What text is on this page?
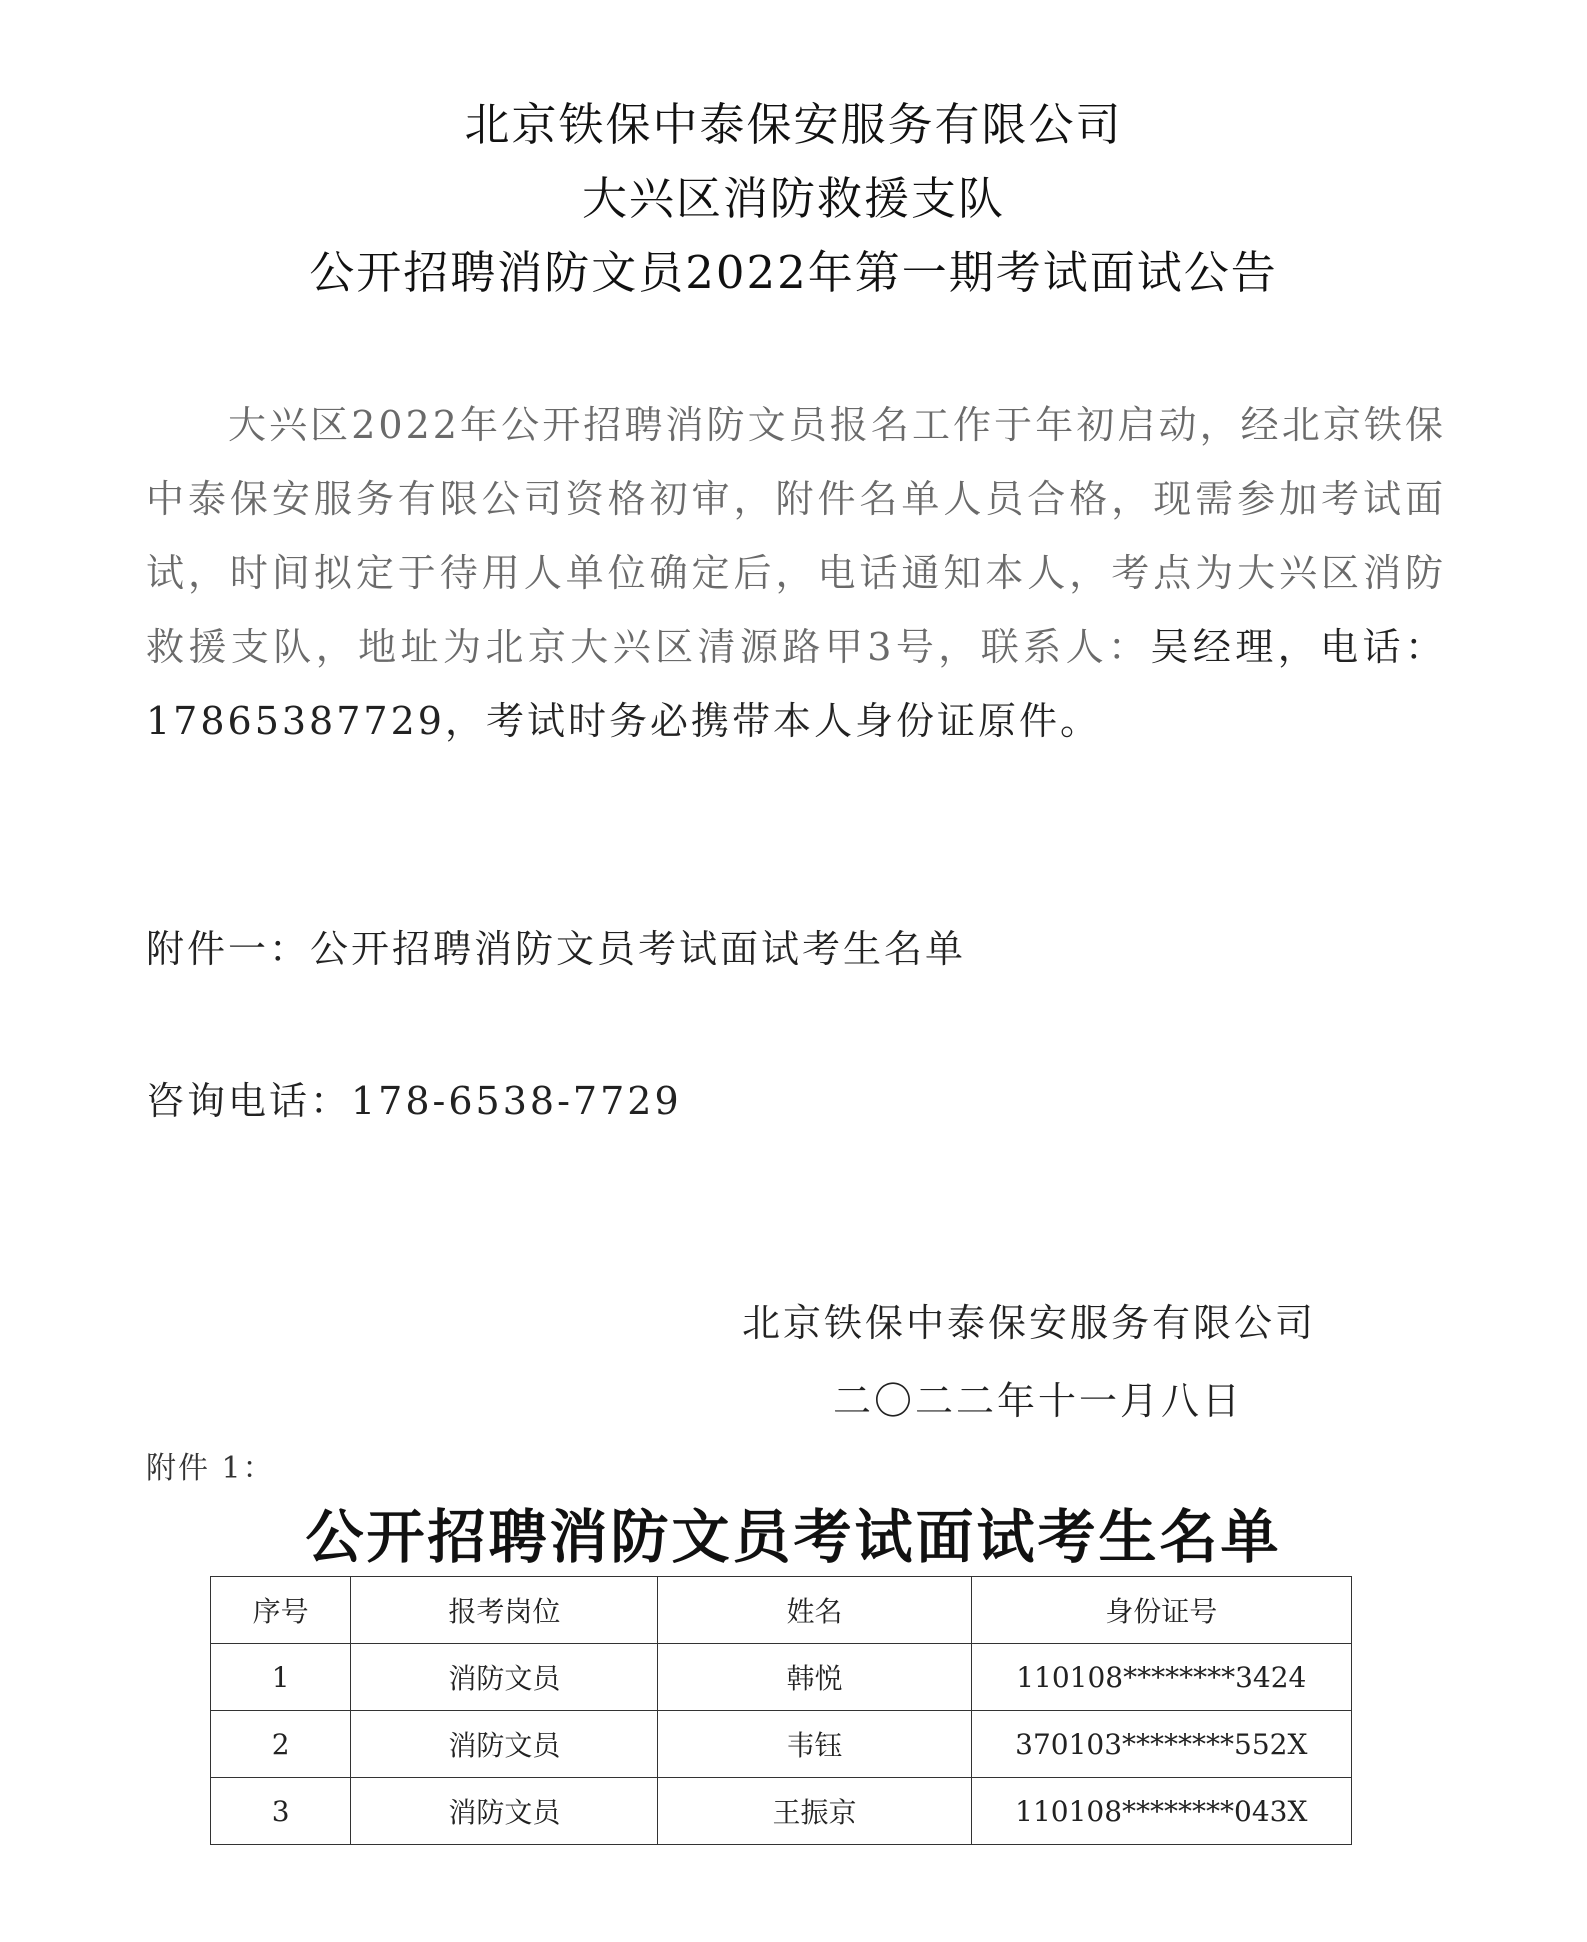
北京铁保中泰保安服务有限公司
大兴区消防救援支队
公开招聘消防文员2022年第一期考试面试公告
大兴区2022年公开招聘消防文员报名工作于年初启动，经北京铁保中泰保安服务有限公司资格初审，附件名单人员合格，现需参加考试面试，时间拟定于待用人单位确定后，电话通知本人，考点为大兴区消防救援支队，地址为北京大兴区清源路甲3号，联系人：吴经理，电话：17865387729，考试时务必携带本人身份证原件。
附件一：公开招聘消防文员考试面试考生名单
咨询电话：178-6538-7729
北京铁保中泰保安服务有限公司
二〇二二年十一月八日
附件 1：
公开招聘消防文员考试面试考生名单
序号	报考岗位	姓名	身份证号
1	消防文员	韩悦	110108********3424
2	消防文员	韦钰	370103********552X
3	消防文员	王振京	110108********043X
